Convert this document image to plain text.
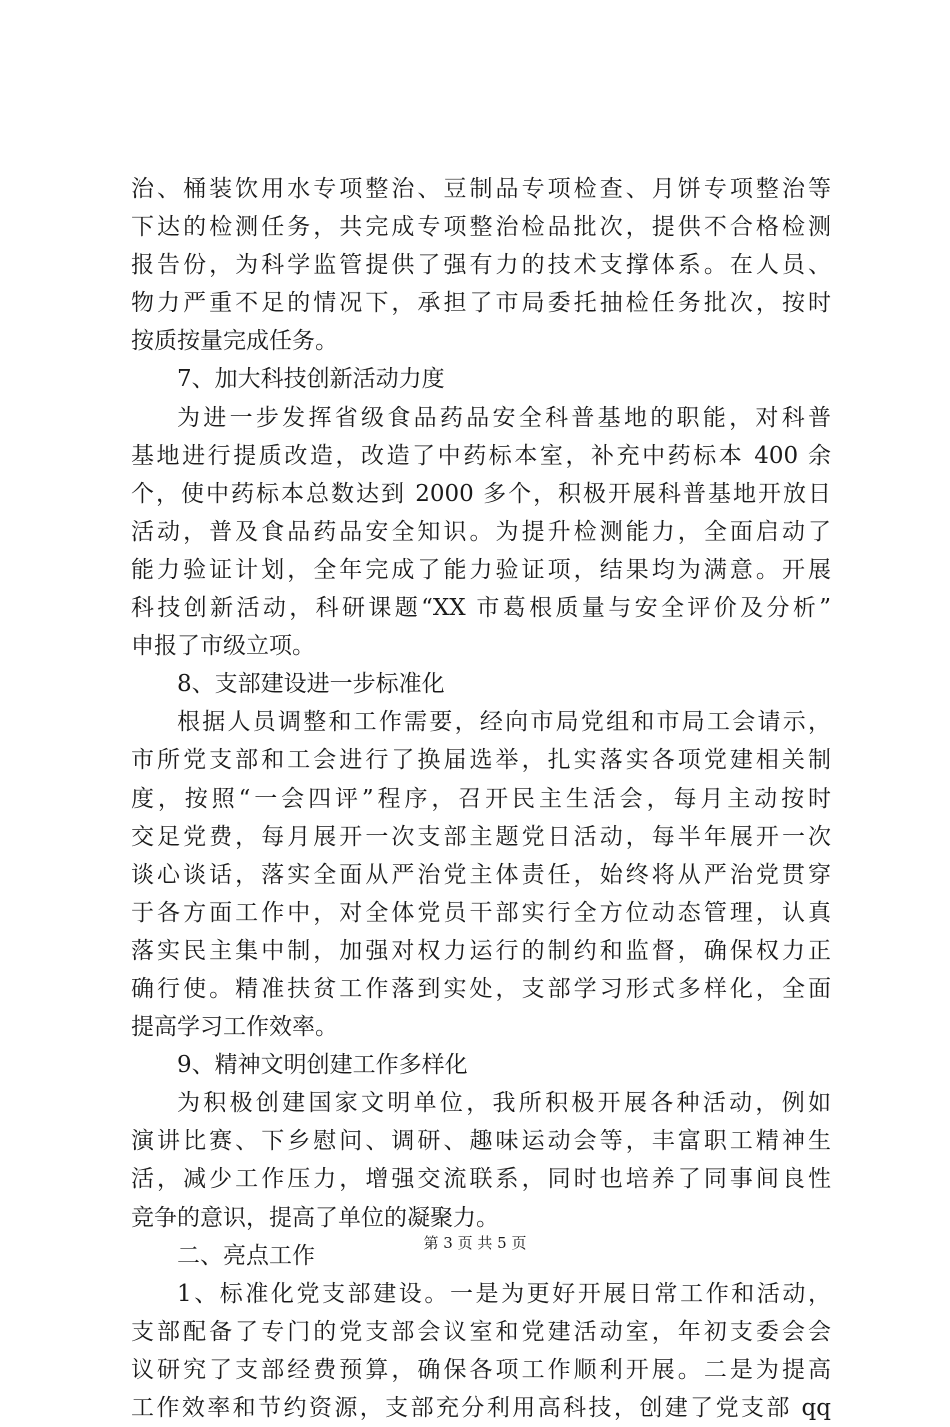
治、桶装饮用水专项整治、豆制品专项检查、月饼专项整治等
下达的检测任务，共完成专项整治检品批次，提供不合格检测
报告份，为科学监管提供了强有力的技术支撑体系。在人员、
物力严重不足的情况下，承担了市局委托抽检任务批次，按时
按质按量完成任务。
7、加大科技创新活动力度
为进一步发挥省级食品药品安全科普基地的职能，对科普
基地进行提质改造，改造了中药标本室，补充中药标本 400 余
个，使中药标本总数达到 2000 多个，积极开展科普基地开放日
活动，普及食品药品安全知识。为提升检测能力，全面启动了
能力验证计划，全年完成了能力验证项，结果均为满意。开展
科技创新活动，科研课题“XX 市葛根质量与安全评价及分析”
申报了市级立项。
8、支部建设进一步标准化
根据人员调整和工作需要，经向市局党组和市局工会请示，
市所党支部和工会进行了换届选举，扎实落实各项党建相关制
度，按照“一会四评”程序，召开民主生活会，每月主动按时
交足党费，每月展开一次支部主题党日活动，每半年展开一次
谈心谈话，落实全面从严治党主体责任，始终将从严治党贯穿
于各方面工作中，对全体党员干部实行全方位动态管理，认真
落实民主集中制，加强对权力运行的制约和监督，确保权力正
确行使。精准扶贫工作落到实处，支部学习形式多样化，全面
提高学习工作效率。
9、精神文明创建工作多样化
为积极创建国家文明单位，我所积极开展各种活动，例如
演讲比赛、下乡慰问、调研、趣味运动会等，丰富职工精神生
活，减少工作压力，增强交流联系，同时也培养了同事间良性
竞争的意识，提高了单位的凝聚力。
二、亮点工作
1、标准化党支部建设。一是为更好开展日常工作和活动，
支部配备了专门的党支部会议室和党建活动室，年初支委会会
议研究了支部经费预算，确保各项工作顺利开展。二是为提高
工作效率和节约资源，支部充分利用高科技，创建了党支部 qq
第 3 页 共 5 页
